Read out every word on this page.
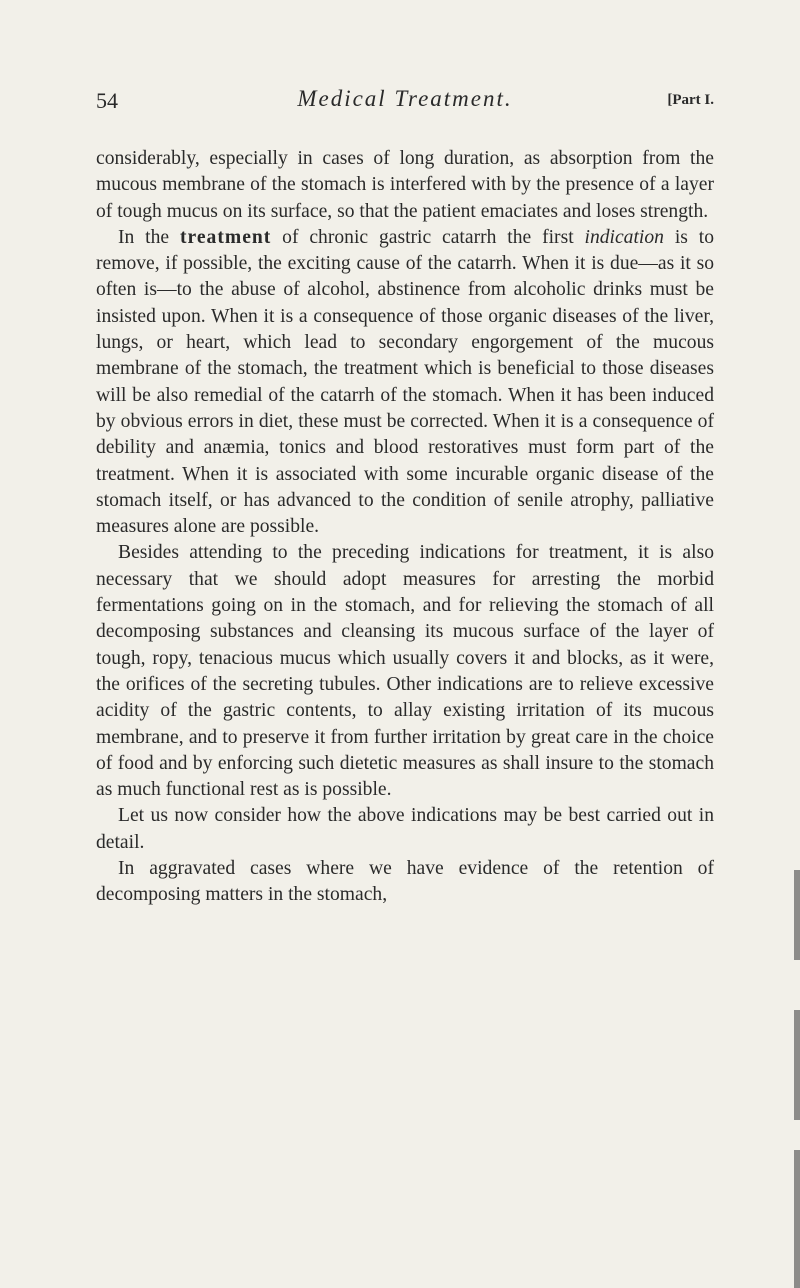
54	Medical Treatment.	[Part I.

considerably, especially in cases of long duration, as absorption from the mucous membrane of the stomach is interfered with by the presence of a layer of tough mucus on its surface, so that the patient emaciates and loses strength.

In the treatment of chronic gastric catarrh the first indication is to remove, if possible, the exciting cause of the catarrh. When it is due—as it so often is—to the abuse of alcohol, abstinence from alcoholic drinks must be insisted upon. When it is a consequence of those organic diseases of the liver, lungs, or heart, which lead to secondary engorgement of the mucous membrane of the stomach, the treatment which is beneficial to those diseases will be also remedial of the catarrh of the stomach. When it has been induced by obvious errors in diet, these must be corrected. When it is a consequence of debility and anæmia, tonics and blood restoratives must form part of the treatment. When it is associated with some incurable organic disease of the stomach itself, or has advanced to the condition of senile atrophy, palliative measures alone are possible.

Besides attending to the preceding indications for treatment, it is also necessary that we should adopt measures for arresting the morbid fermentations going on in the stomach, and for relieving the stomach of all decomposing substances and cleansing its mucous surface of the layer of tough, ropy, tenacious mucus which usually covers it and blocks, as it were, the orifices of the secreting tubules. Other indications are to relieve excessive acidity of the gastric contents, to allay existing irritation of its mucous membrane, and to preserve it from further irritation by great care in the choice of food and by enforcing such dietetic measures as shall insure to the stomach as much functional rest as is possible.

Let us now consider how the above indications may be best carried out in detail.

In aggravated cases where we have evidence of the retention of decomposing matters in the stomach,
